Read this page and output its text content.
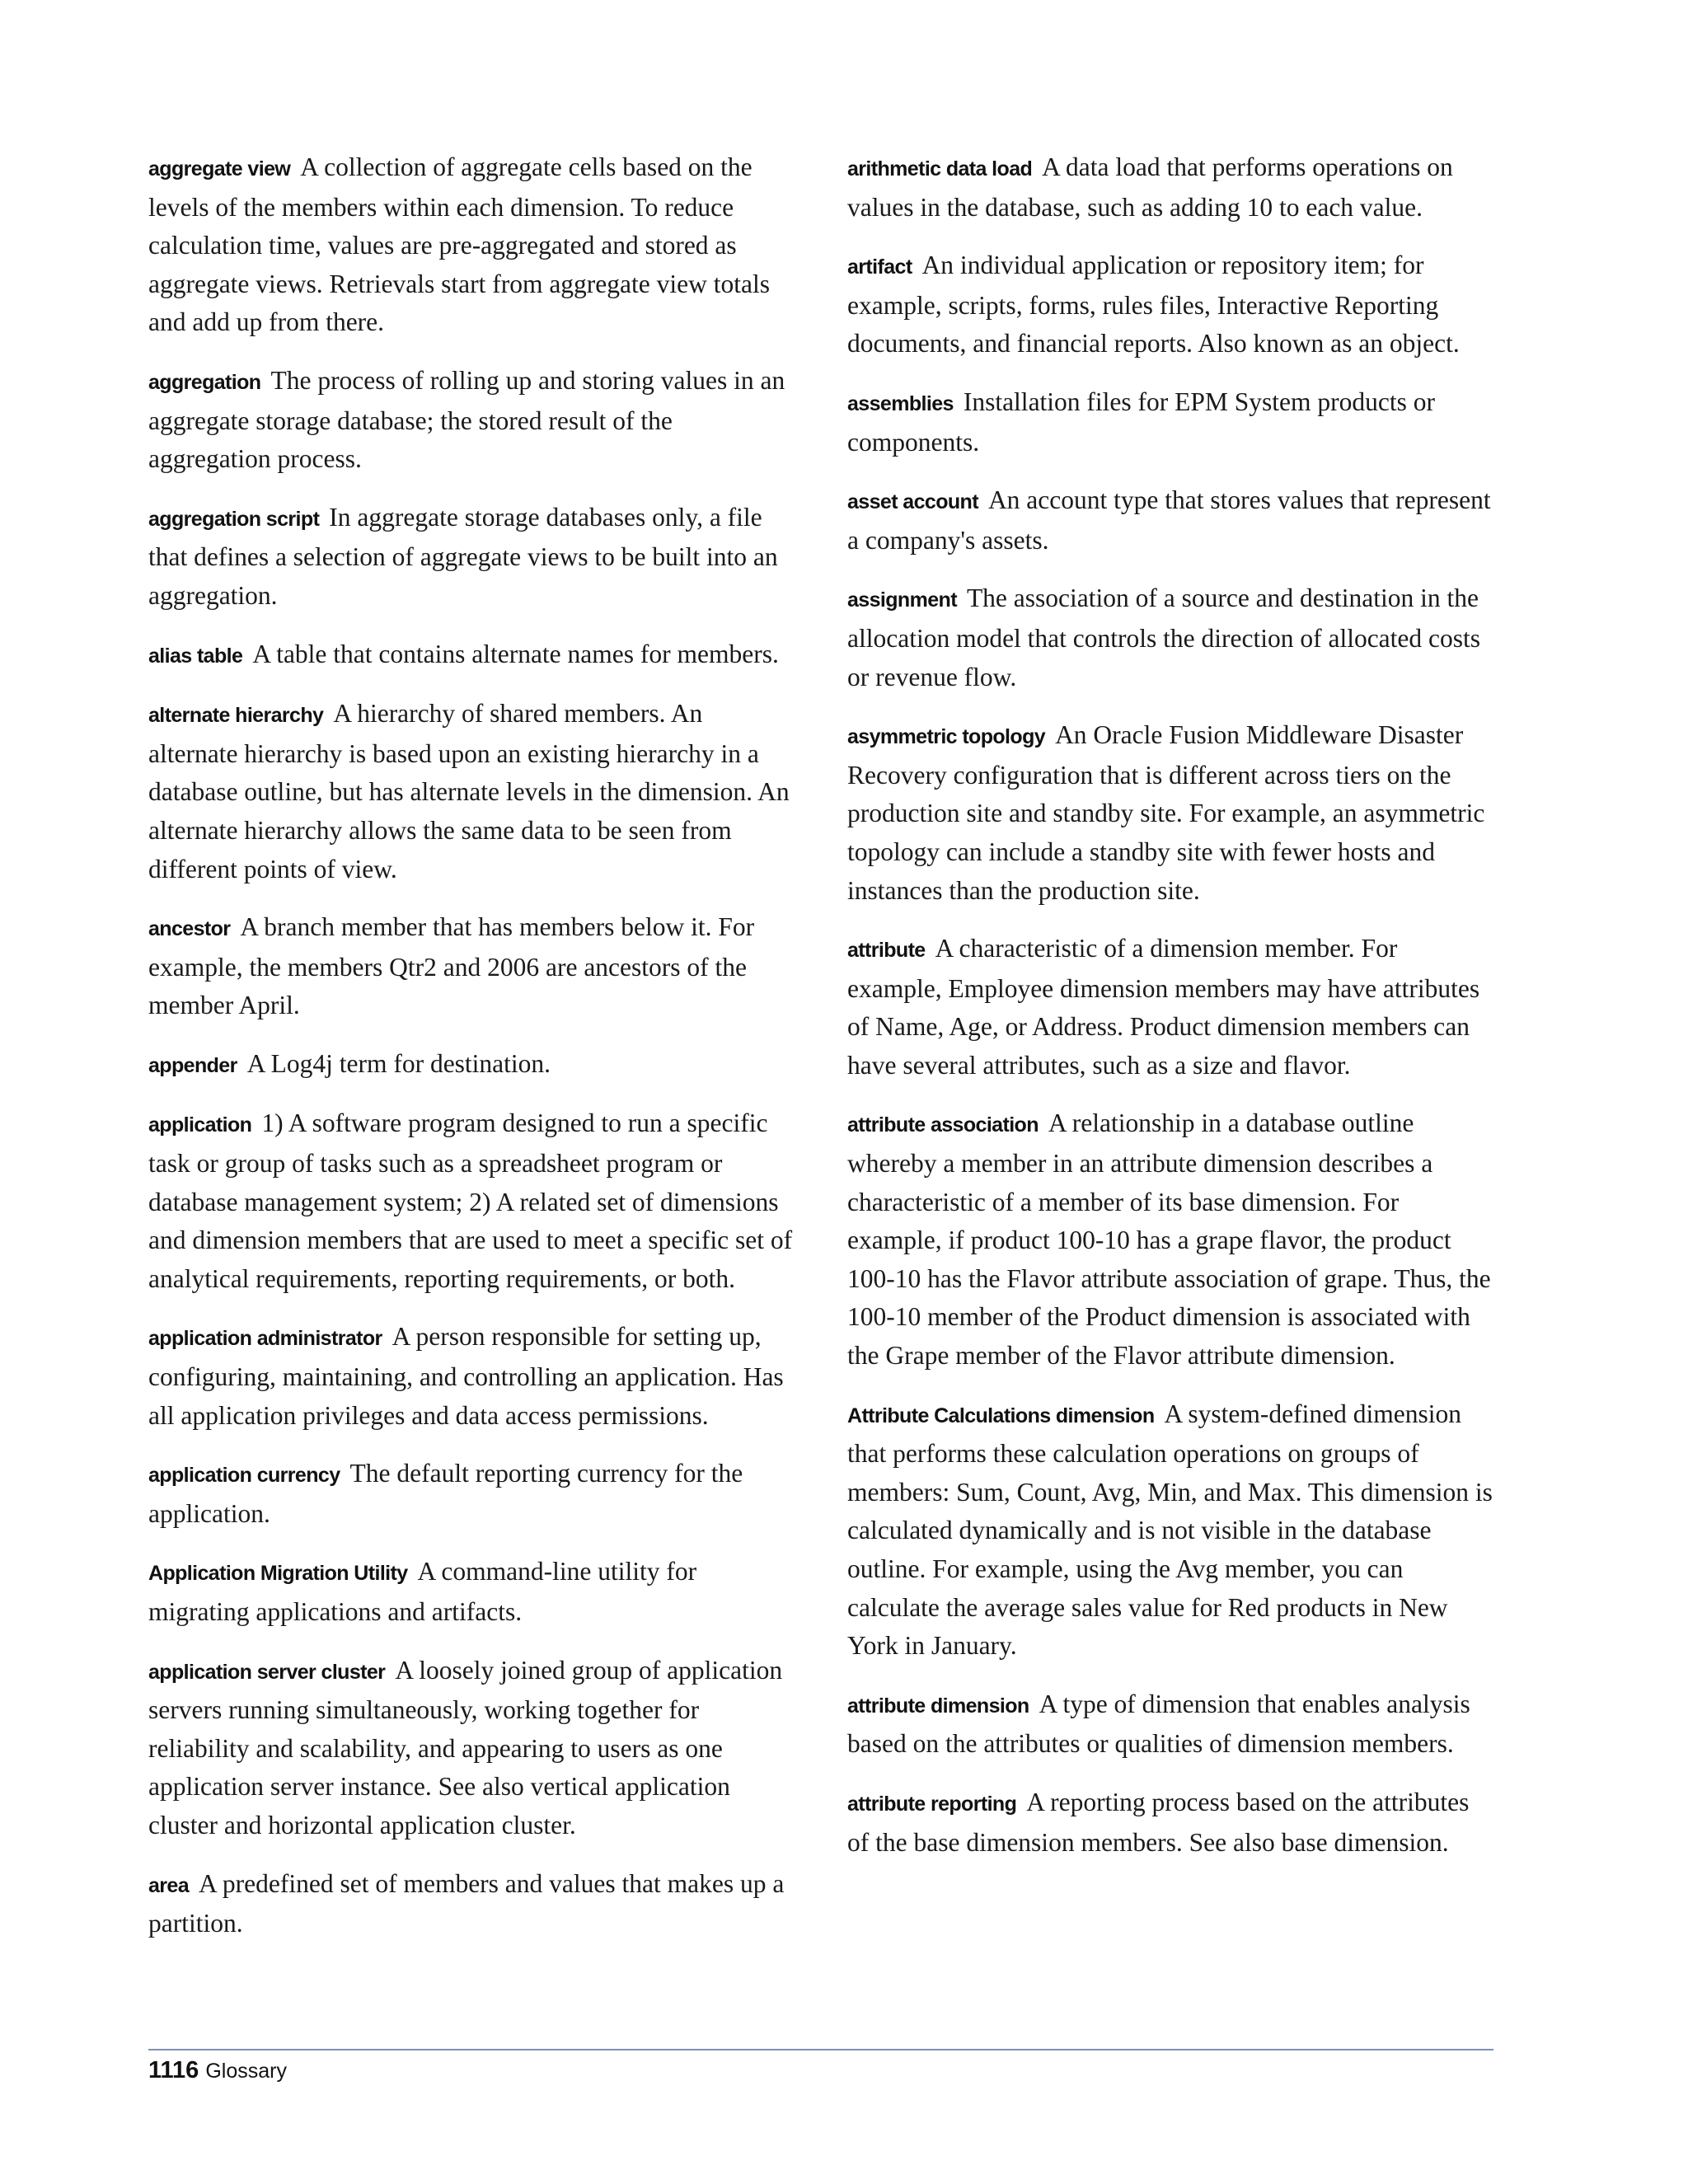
aggregate view A collection of aggregate cells based on the levels of the members within each dimension. To reduce calculation time, values are pre-aggregated and stored as aggregate views. Retrievals start from aggregate view totals and add up from there.

aggregation The process of rolling up and storing values in an aggregate storage database; the stored result of the aggregation process.

aggregation script In aggregate storage databases only, a file that defines a selection of aggregate views to be built into an aggregation.

alias table A table that contains alternate names for members.

alternate hierarchy A hierarchy of shared members. An alternate hierarchy is based upon an existing hierarchy in a database outline, but has alternate levels in the dimension. An alternate hierarchy allows the same data to be seen from different points of view.

ancestor A branch member that has members below it. For example, the members Qtr2 and 2006 are ancestors of the member April.

appender A Log4j term for destination.

application 1) A software program designed to run a specific task or group of tasks such as a spreadsheet program or database management system; 2) A related set of dimensions and dimension members that are used to meet a specific set of analytical requirements, reporting requirements, or both.

application administrator A person responsible for setting up, configuring, maintaining, and controlling an application. Has all application privileges and data access permissions.

application currency The default reporting currency for the application.

Application Migration Utility A command-line utility for migrating applications and artifacts.

application server cluster A loosely joined group of application servers running simultaneously, working together for reliability and scalability, and appearing to users as one application server instance. See also vertical application cluster and horizontal application cluster.

area A predefined set of members and values that makes up a partition.

arithmetic data load A data load that performs operations on values in the database, such as adding 10 to each value.

artifact An individual application or repository item; for example, scripts, forms, rules files, Interactive Reporting documents, and financial reports. Also known as an object.

assemblies Installation files for EPM System products or components.

asset account An account type that stores values that represent a company's assets.

assignment The association of a source and destination in the allocation model that controls the direction of allocated costs or revenue flow.

asymmetric topology An Oracle Fusion Middleware Disaster Recovery configuration that is different across tiers on the production site and standby site. For example, an asymmetric topology can include a standby site with fewer hosts and instances than the production site.

attribute A characteristic of a dimension member. For example, Employee dimension members may have attributes of Name, Age, or Address. Product dimension members can have several attributes, such as a size and flavor.

attribute association A relationship in a database outline whereby a member in an attribute dimension describes a characteristic of a member of its base dimension. For example, if product 100-10 has a grape flavor, the product 100-10 has the Flavor attribute association of grape. Thus, the 100-10 member of the Product dimension is associated with the Grape member of the Flavor attribute dimension.

Attribute Calculations dimension A system-defined dimension that performs these calculation operations on groups of members: Sum, Count, Avg, Min, and Max. This dimension is calculated dynamically and is not visible in the database outline. For example, using the Avg member, you can calculate the average sales value for Red products in New York in January.

attribute dimension A type of dimension that enables analysis based on the attributes or qualities of dimension members.

attribute reporting A reporting process based on the attributes of the base dimension members. See also base dimension.

1116 Glossary
